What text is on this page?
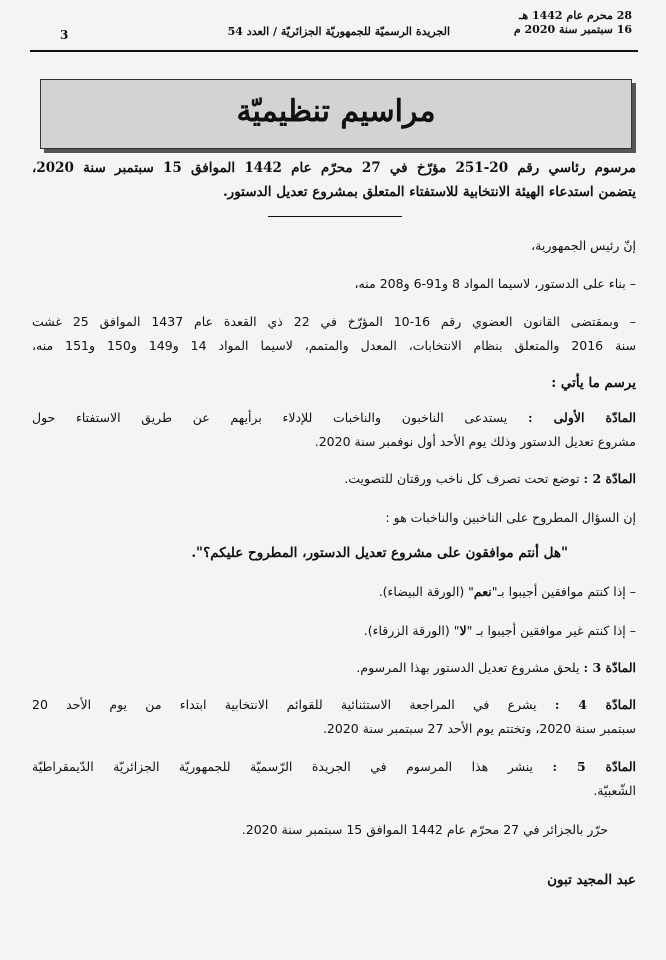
28 محرم عام 1442 هـ
16 سبتمبر سنة 2020 م
الجريدة الرسميّة للجمهوريّة الجزائريّة / العدد 54
3
مراسيم تنظيميّة
مرسوم رئاسي رقم 20-251 مؤرّخ في 27 محرّم عام 1442 الموافق 15 سبتمبر سنة 2020،
يتضمن استدعاء الهيئة الانتخابية للاستفتاء المتعلق بمشروع تعديل الدستور.
إنّ رئيس الجمهورية،
– بناء على الدستور، لاسيما المواد 8 و91-6 و208 منه،
– وبمقتضى القانون العضوي رقم 16-10 المؤرّخ في 22 ذي القعدة عام 1437 الموافق 25 غشت
سنة 2016 والمتعلق بنظام الانتخابات، المعدل والمتمم، لاسيما المواد 14 و149 و150 و151 منه،
يرسم ما يأتي :
المادّة الأولى : يستدعى الناخبون والناخبات للإدلاء برأيهم عن طريق الاستفتاء حول
مشروع تعديل الدستور وذلك يوم الأحد أول نوفمبر سنة 2020.
المادّة 2 : توضع تحت تصرف كل ناخب ورقتان للتصويت.
إن السؤال المطروح على الناخبين والناخبات هو :
"هل أنتم موافقون على مشروع تعديل الدستور، المطروح عليكم؟".
– إذا كنتم موافقين أجيبوا بـ"نعم" (الورقة البيضاء).
– إذا كنتم غير موافقين أجيبوا بـ "لا" (الورقة الزرقاء).
المادّة 3 : يلحق مشروع تعديل الدستور بهذا المرسوم.
المادّة 4 : يشرع في المراجعة الاستثنائية للقوائم الانتخابية ابتداء من يوم الأحد 20
سبتمبر سنة 2020، وتختتم يوم الأحد 27 سبتمبر سنة 2020.
المادّة 5 : ينشر هذا المرسوم في الجريدة الرّسميّة للجمهوريّة الجزائريّة الدّيمقراطيّة
الشّعبيّة.
حرّر بالجزائر في 27 محرّم عام 1442 الموافق 15 سبتمبر سنة 2020.
عبد المجيد تبون
